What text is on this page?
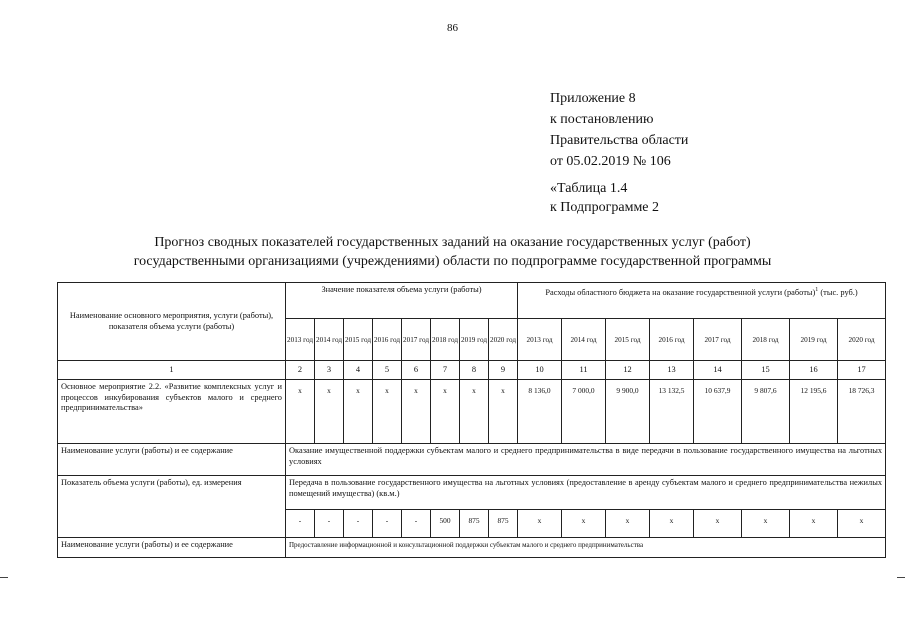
86
Приложение 8
к постановлению
Правительства области
от 05.02.2019 № 106
«Таблица 1.4
к Подпрограмме 2
Прогноз сводных показателей государственных заданий на оказание государственных услуг (работ)
государственными организациями (учреждениями) области по подпрограмме государственной программы
Наименование основного мероприятия, услуги (работы), показателя объема услуги (работы)	Значение показателя объема услуги (работы)								Расходы областного бюджета на оказание государственной услуги (работы)$^1$ (тыс. руб.)							
	2013 год	2014 год	2015 год	2016 год	2017 год	2018 год	2019 год	2020 год	2013 год	2014 год	2015 год	2016 год	2017 год	2018 год	2019 год	2020 год
1	2	3	4	5	6	7	8	9	10	11	12	13	14	15	16	17
Основное мероприятие 2.2. «Развитие комплексных услуг и процессов инкубирования субъектов малого и среднего предпринимательства»	x	x	x	x	x	x	x	x	8 136,0	7 000,0	9 900,0	13 132,5	10 637,9	9 807,6	12 195,6	18 726,3
Наименование услуги (работы) и ее содержание	Оказание имущественной поддержки субъектам малого и среднего предпринимательства в виде передачи в пользование государственного имущества на льготных условиях															
Показатель объема услуги (работы), ед. измерения	Передача в пользование государственного имущества на льготных условиях (предоставление в аренду субъектам малого и среднего предпринимательства нежилых помещений имущества) (кв.м.)															
	-	-	-	-	-	500	875	875	x	x	x	x	x	x	x	x
Наименование услуги (работы) и ее содержание	Предоставление информационной и консультационной поддержки субъектам малого и среднего предпринимательства															
